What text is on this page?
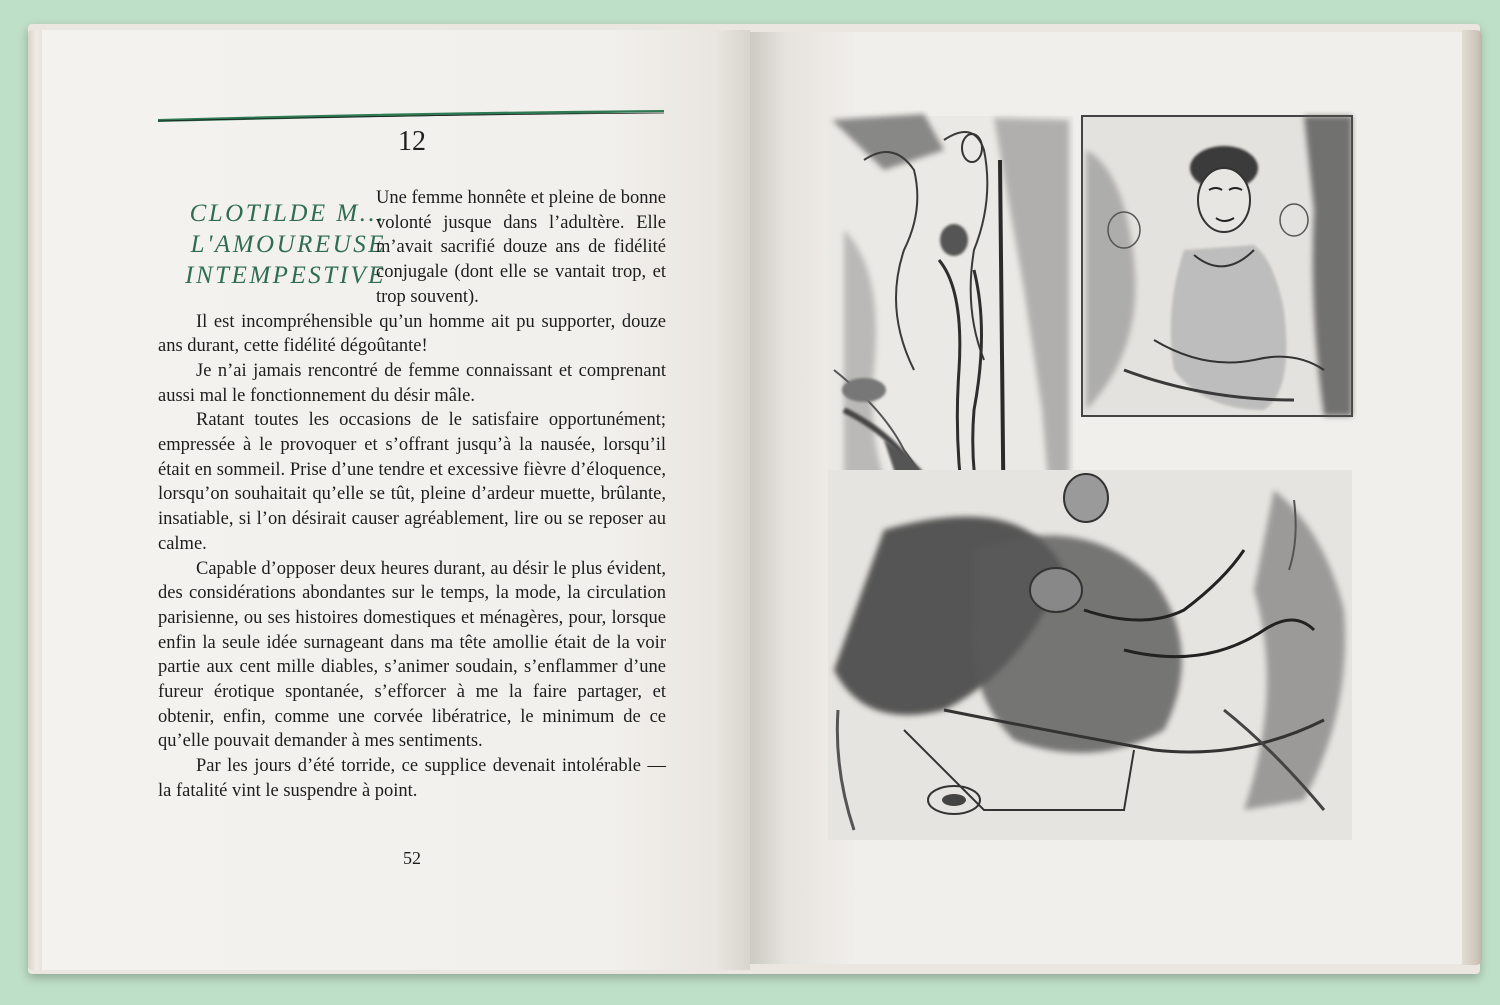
12
CLOTILDE M...
L'AMOUREUSE
INTEMPESTIVE

Une femme honnête et pleine de bonne volonté jusque dans l’adultère. Elle m’avait sacrifié douze ans de fidélité conjugale (dont elle se vantait trop, et trop souvent).

Il est incompréhensible qu’un homme ait pu supporter, douze ans durant, cette fidélité dégoûtante!

Je n’ai jamais rencontré de femme connaissant et comprenant aussi mal le fonctionnement du désir mâle.

Ratant toutes les occasions de le satisfaire opportunément; empressée à le provoquer et s’offrant jusqu’à la nausée, lorsqu’il était en sommeil. Prise d’une tendre et excessive fièvre d’éloquence, lorsqu’on souhaitait qu’elle se tût, pleine d’ardeur muette, brûlante, insatiable, si l’on désirait causer agréablement, lire ou se reposer au calme.

Capable d’opposer deux heures durant, au désir le plus évident, des considérations abondantes sur le temps, la mode, la circulation parisienne, ou ses histoires domestiques et ménagères, pour, lorsque enfin la seule idée surnageant dans ma tête amollie était de la voir partie aux cent mille diables, s’animer soudain, s’enflammer d’une fureur érotique spontanée, s’efforcer à me la faire partager, et obtenir, enfin, comme une corvée libératrice, le minimum de ce qu’elle pouvait demander à mes sentiments.

Par les jours d’été torride, ce supplice devenait intolérable — la fatalité vint le suspendre à point.

52
